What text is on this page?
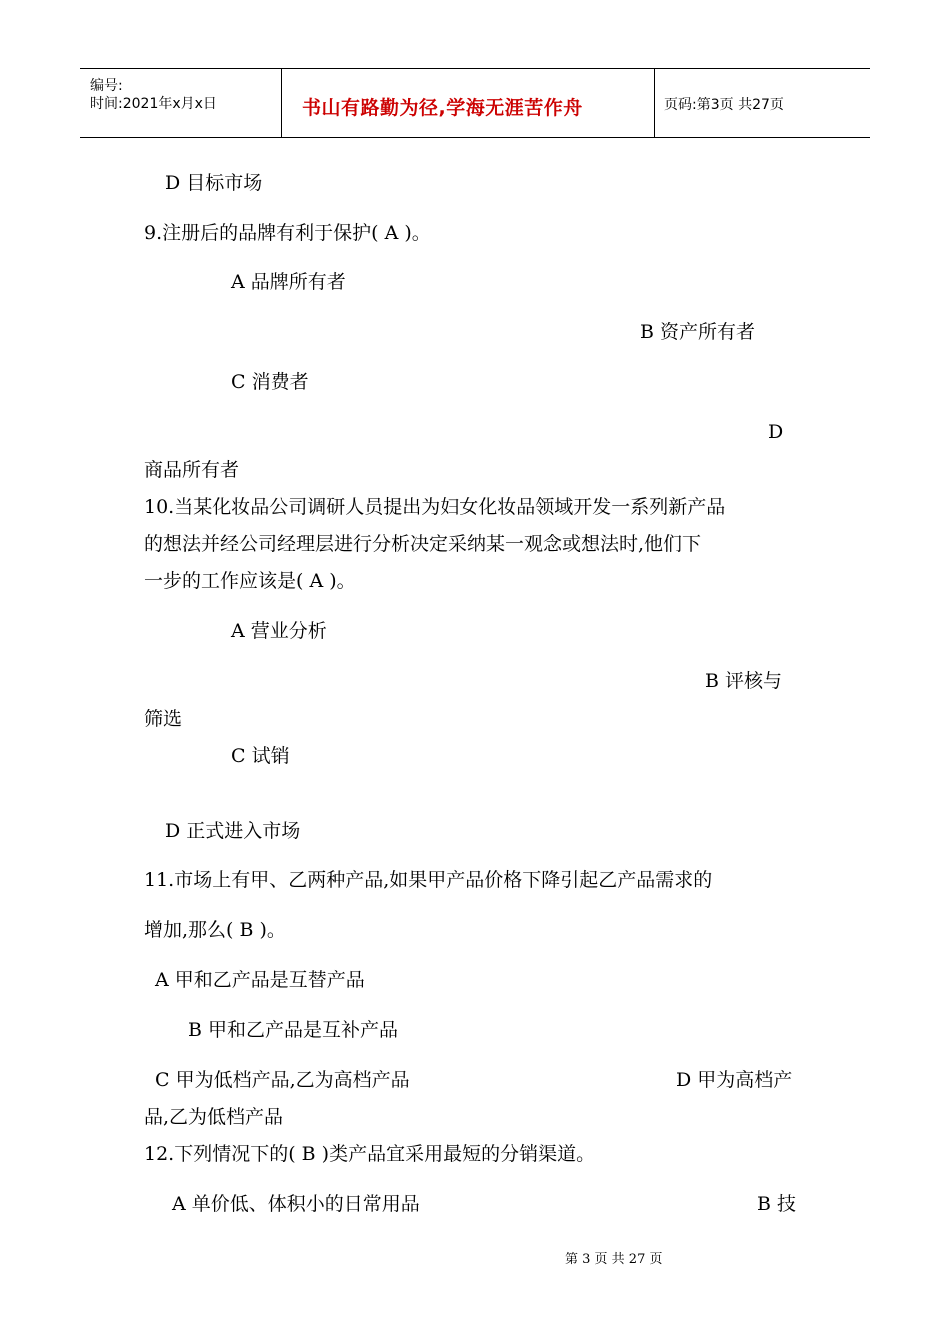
编号:
时间:2021年x月x日	书山有路勤为径,学海无涯苦作舟	页码:第3页 共27页
D 目标市场
9.注册后的品牌有利于保护( A )。
A 品牌所有者
B 资产所有者
C 消费者
D
商品所有者
10.当某化妆品公司调研人员提出为妇女化妆品领域开发一系列新产品
的想法并经公司经理层进行分析决定采纳某一观念或想法时,他们下
一步的工作应该是( A )。
A 营业分析
B 评核与
筛选
C 试销
D 正式进入市场
11.市场上有甲、乙两种产品,如果甲产品价格下降引起乙产品需求的
增加,那么( B )。
A 甲和乙产品是互替产品
B 甲和乙产品是互补产品
C 甲为低档产品,乙为高档产品	D 甲为高档产
品,乙为低档产品
12.下列情况下的( B )类产品宜采用最短的分销渠道。
A 单价低、体积小的日常用品	B 技
第 3 页 共 27 页
